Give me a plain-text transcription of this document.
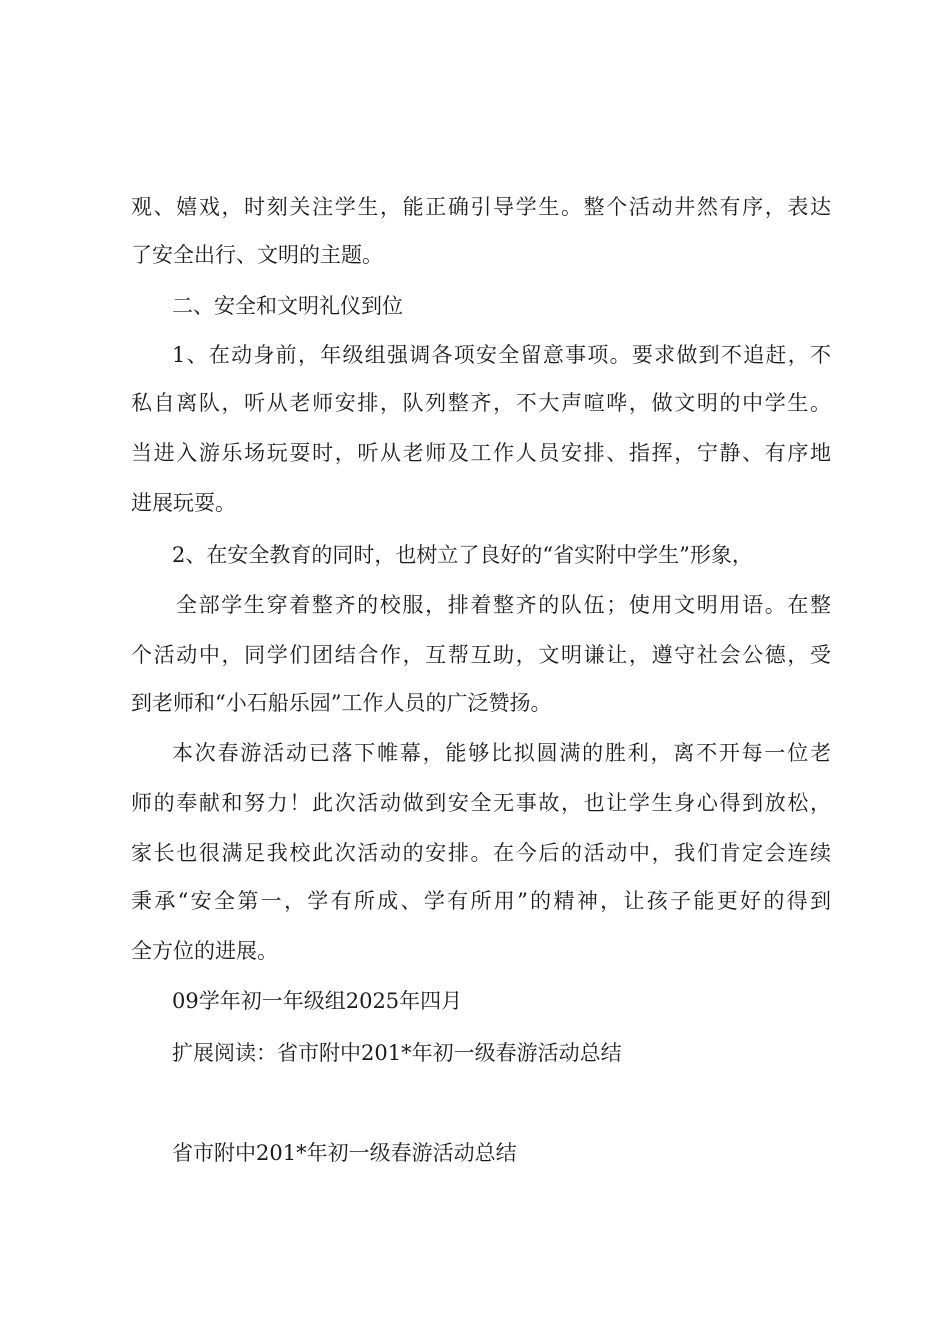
观、嬉戏，时刻关注学生，能正确引导学生。整个活动井然有序，表达
了安全出行、文明的主题。
二、安全和文明礼仪到位
1、在动身前，年级组强调各项安全留意事项。要求做到不追赶，不
私自离队，听从老师安排，队列整齐，不大声喧哗，做文明的中学生。
当进入游乐场玩耍时，听从老师及工作人员安排、指挥，宁静、有序地
进展玩耍。
2、在安全教育的同时，也树立了良好的“省实附中学生”形象，
全部学生穿着整齐的校服，排着整齐的队伍；使用文明用语。在整
个活动中，同学们团结合作，互帮互助，文明谦让，遵守社会公德，受
到老师和“小石船乐园”工作人员的广泛赞扬。
本次春游活动已落下帷幕，能够比拟圆满的胜利，离不开每一位老
师的奉献和努力！此次活动做到安全无事故，也让学生身心得到放松，
家长也很满足我校此次活动的安排。在今后的活动中，我们肯定会连续
秉承“安全第一，学有所成、学有所用”的精神，让孩子能更好的得到
全方位的进展。
09学年初一年级组2025年四月
扩展阅读：省市附中201*年初一级春游活动总结
省市附中201*年初一级春游活动总结
